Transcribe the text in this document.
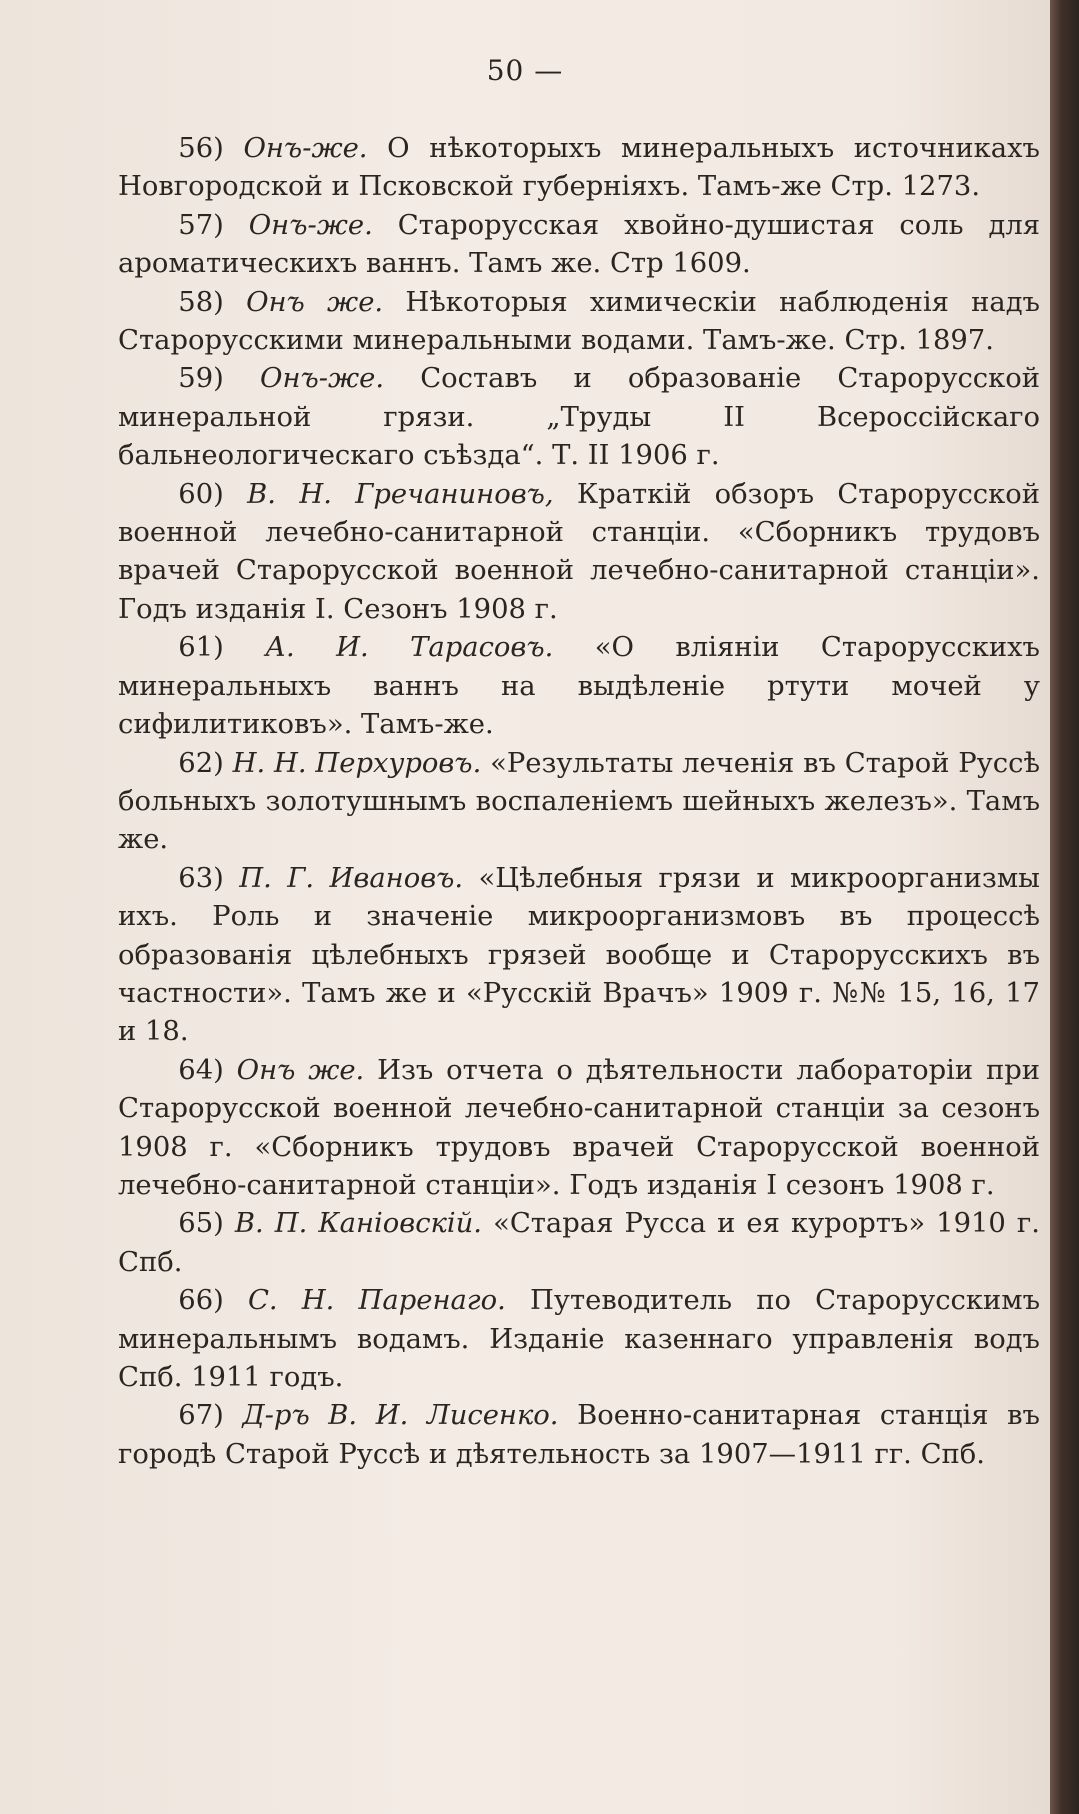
50 —

56) Онъ-же. О нѣкоторыхъ минеральныхъ источникахъ Новгородской и Псковской губерніяхъ. Тамъ-же Стр. 1273.

57) Онъ-же. Старорусская хвойно-душистая соль для ароматическихъ ваннъ. Тамъ же. Стр 1609.

58) Онъ же. Нѣкоторыя химическіи наблюденія надъ Старорусскими минеральными водами. Тамъ-же. Стр. 1897.

59) Онъ-же. Составъ и образованіе Старорусской минеральной грязи. „Труды II Всероссійскаго бальнеологическаго съѣзда“. Т. II 1906 г.

60) В. Н. Гречаниновъ, Краткій обзоръ Старорусской военной лечебно-санитарной станціи. «Сборникъ трудовъ врачей Старорусской военной лечебно-санитарной станціи». Годъ изданія I. Сезонъ 1908 г.

61) А. И. Тарасовъ. «О вліяніи Старорусскихъ минеральныхъ ваннъ на выдѣленіе ртути мочей у сифилитиковъ». Тамъ-же.

62) Н. Н. Перхуровъ. «Результаты леченія въ Старой Руссѣ больныхъ золотушнымъ воспаленіемъ шейныхъ железъ». Тамъ же.

63) П. Г. Ивановъ. «Цѣлебныя грязи и микроорганизмы ихъ. Роль и значеніе микроорганизмовъ въ процессѣ образованія цѣлебныхъ грязей вообще и Старорусскихъ въ частности». Тамъ же и «Русскій Врачъ» 1909 г. №№ 15, 16, 17 и 18.

64) Онъ же. Изъ отчета о дѣятельности лабораторіи при Старорусской военной лечебно-санитарной станціи за сезонъ 1908 г. «Сборникъ трудовъ врачей Старорусской военной лечебно-санитарной станціи». Годъ изданія I сезонъ 1908 г.

65) В. П. Каніовскій. «Старая Русса и ея курортъ» 1910 г. Спб.

66) С. Н. Паренаго. Путеводитель по Старорусскимъ минеральнымъ водамъ. Изданіе казеннаго управленія водъ Спб. 1911 годъ.

67) Д-ръ В. И. Лисенко. Военно-санитарная станція въ городѣ Старой Руссѣ и дѣятельность за 1907—1911 гг. Спб.
